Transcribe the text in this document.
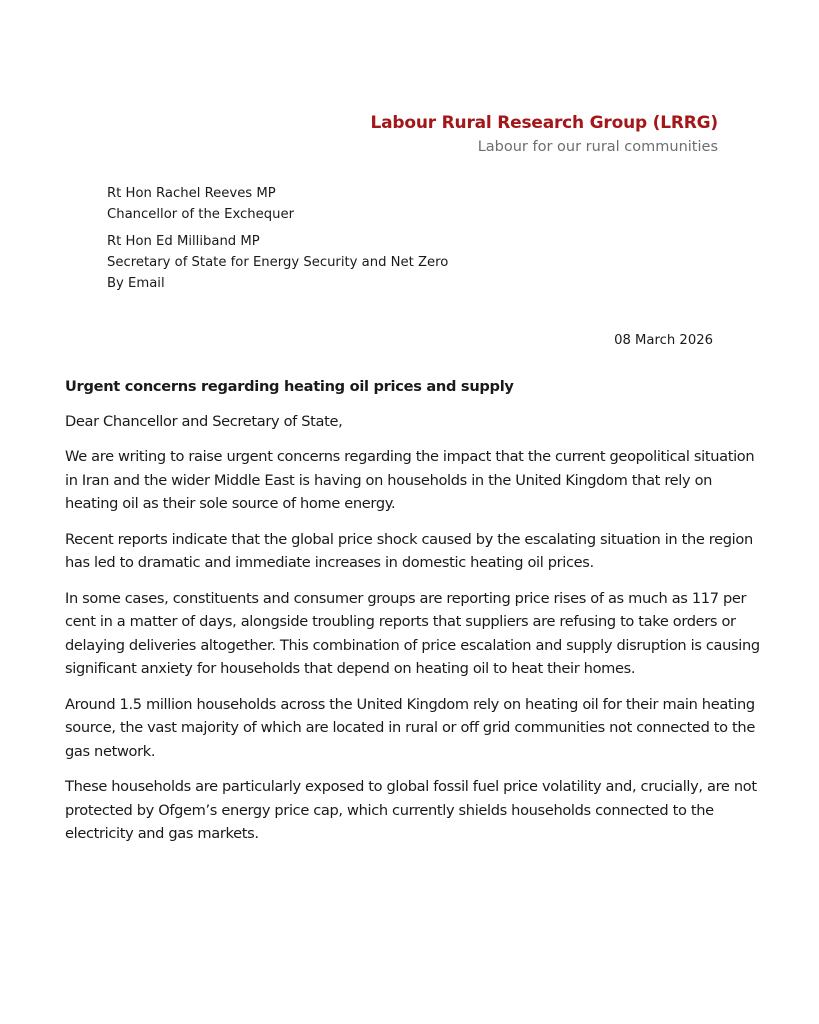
Labour Rural Research Group (LRRG)
Labour for our rural communities
Rt Hon Rachel Reeves MP
Chancellor of the Exchequer
Rt Hon Ed Milliband MP
Secretary of State for Energy Security and Net Zero
By Email
08 March 2026
Urgent concerns regarding heating oil prices and supply
Dear Chancellor and Secretary of State,

We are writing to raise urgent concerns regarding the impact that the current geopolitical situation in Iran and the wider Middle East is having on households in the United Kingdom that rely on heating oil as their sole source of home energy.

Recent reports indicate that the global price shock caused by the escalating situation in the region has led to dramatic and immediate increases in domestic heating oil prices.

In some cases, constituents and consumer groups are reporting price rises of as much as 117 per cent in a matter of days, alongside troubling reports that suppliers are refusing to take orders or delaying deliveries altogether. This combination of price escalation and supply disruption is causing significant anxiety for households that depend on heating oil to heat their homes.

Around 1.5 million households across the United Kingdom rely on heating oil for their main heating source, the vast majority of which are located in rural or off grid communities not connected to the gas network.

These households are particularly exposed to global fossil fuel price volatility and, crucially, are not protected by Ofgem’s energy price cap, which currently shields households connected to the electricity and gas markets.
